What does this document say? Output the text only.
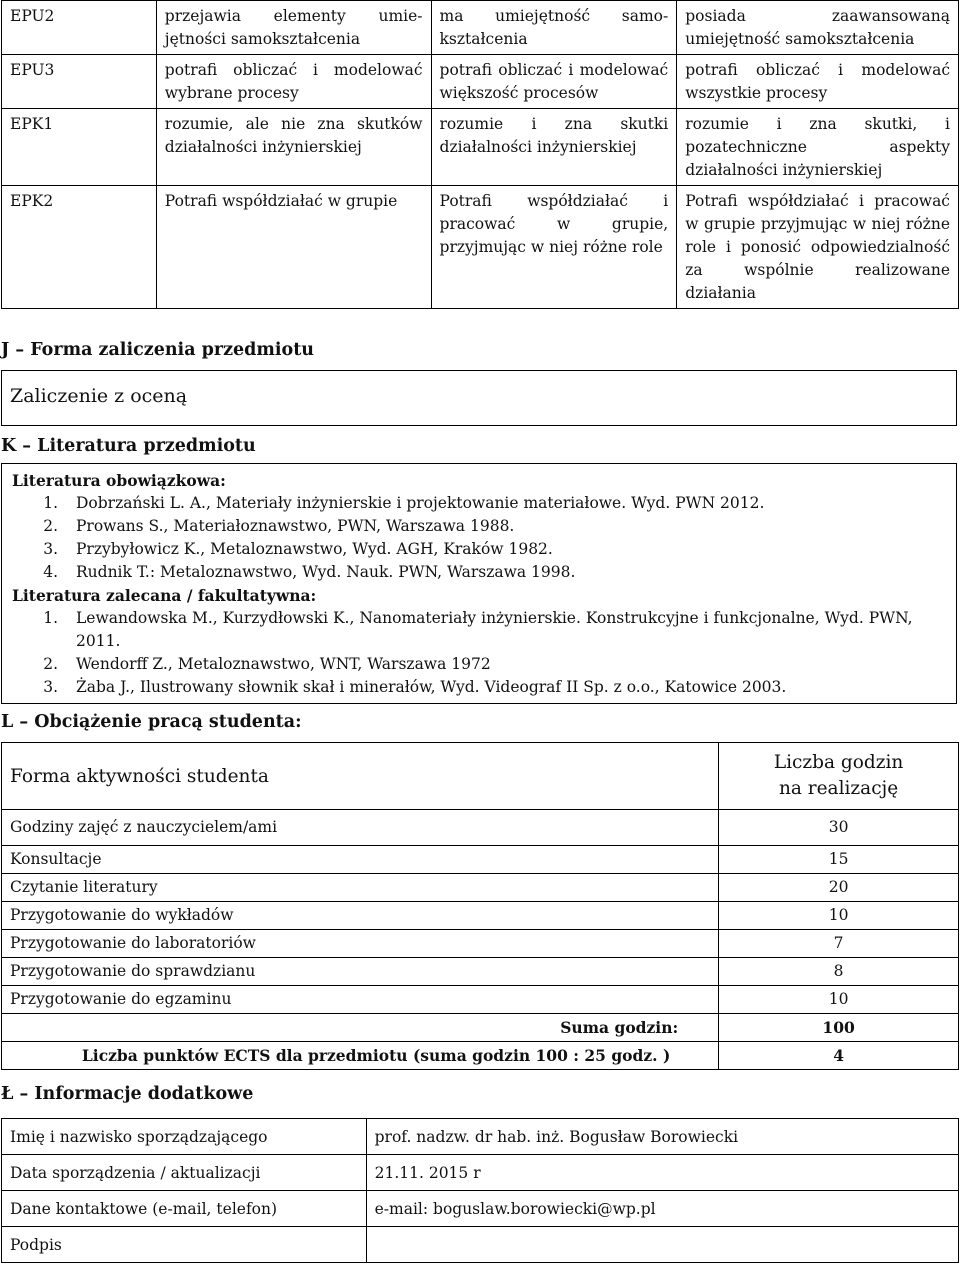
EPU2	przejawia elementy umie-jętności samokształcenia	ma umiejętność samo-kształcenia	posiada zaawansowaną umiejętność samokształcenia
EPU3	potrafi obliczać i modelować wybrane procesy	potrafi obliczać i modelować większość procesów	potrafi obliczać i modelować wszystkie procesy
EPK1	rozumie, ale nie zna skutków działalności inżynierskiej	rozumie i zna skutki działalności inżynierskiej	rozumie i zna skutki, i pozatechniczne aspekty działalności inżynierskiej
EPK2	Potrafi współdziałać w grupie	Potrafi współdziałać i pracować w grupie, przyjmując w niej różne role	Potrafi współdziałać i pracować w grupie przyjmując w niej różne role i ponosić odpowiedzialność za wspólnie realizowane działania
J – Forma zaliczenia przedmiotu
Zaliczenie z oceną
K – Literatura przedmiotu
Literatura obowiązkowa:
1.	Dobrzański L. A., Materiały inżynierskie i projektowanie materiałowe. Wyd. PWN 2012.
2.	Prowans S., Materiałoznawstwo, PWN, Warszawa 1988.
3.	Przybyłowicz K., Metaloznawstwo, Wyd. AGH, Kraków 1982.
4.	Rudnik T.: Metaloznawstwo, Wyd. Nauk. PWN, Warszawa 1998.
Literatura zalecana / fakultatywna:
1.	Lewandowska M., Kurzydłowski K., Nanomateriały inżynierskie. Konstrukcyjne i funkcjonalne, Wyd. PWN, 2011.
2.	Wendorff Z., Metaloznawstwo, WNT, Warszawa 1972
3.	Żaba J., Ilustrowany słownik skał i minerałów, Wyd. Videograf II Sp. z o.o., Katowice 2003.
L – Obciążenie pracą studenta:
Forma aktywności studenta	Liczba godzin
na realizację
Godziny zajęć z nauczycielem/ami	30
Konsultacje	15
Czytanie literatury	20
Przygotowanie do wykładów	10
Przygotowanie do laboratoriów	7
Przygotowanie do sprawdzianu	8
Przygotowanie do egzaminu	10
Suma godzin:	100
Liczba punktów ECTS dla przedmiotu (suma godzin 100 : 25 godz. )	4
Ł – Informacje dodatkowe
Imię i nazwisko sporządzającego	prof. nadzw. dr hab. inż. Bogusław Borowiecki
Data sporządzenia / aktualizacji	21.11. 2015 r
Dane kontaktowe (e-mail, telefon)	e-mail: boguslaw.borowiecki@wp.pl
Podpis	
